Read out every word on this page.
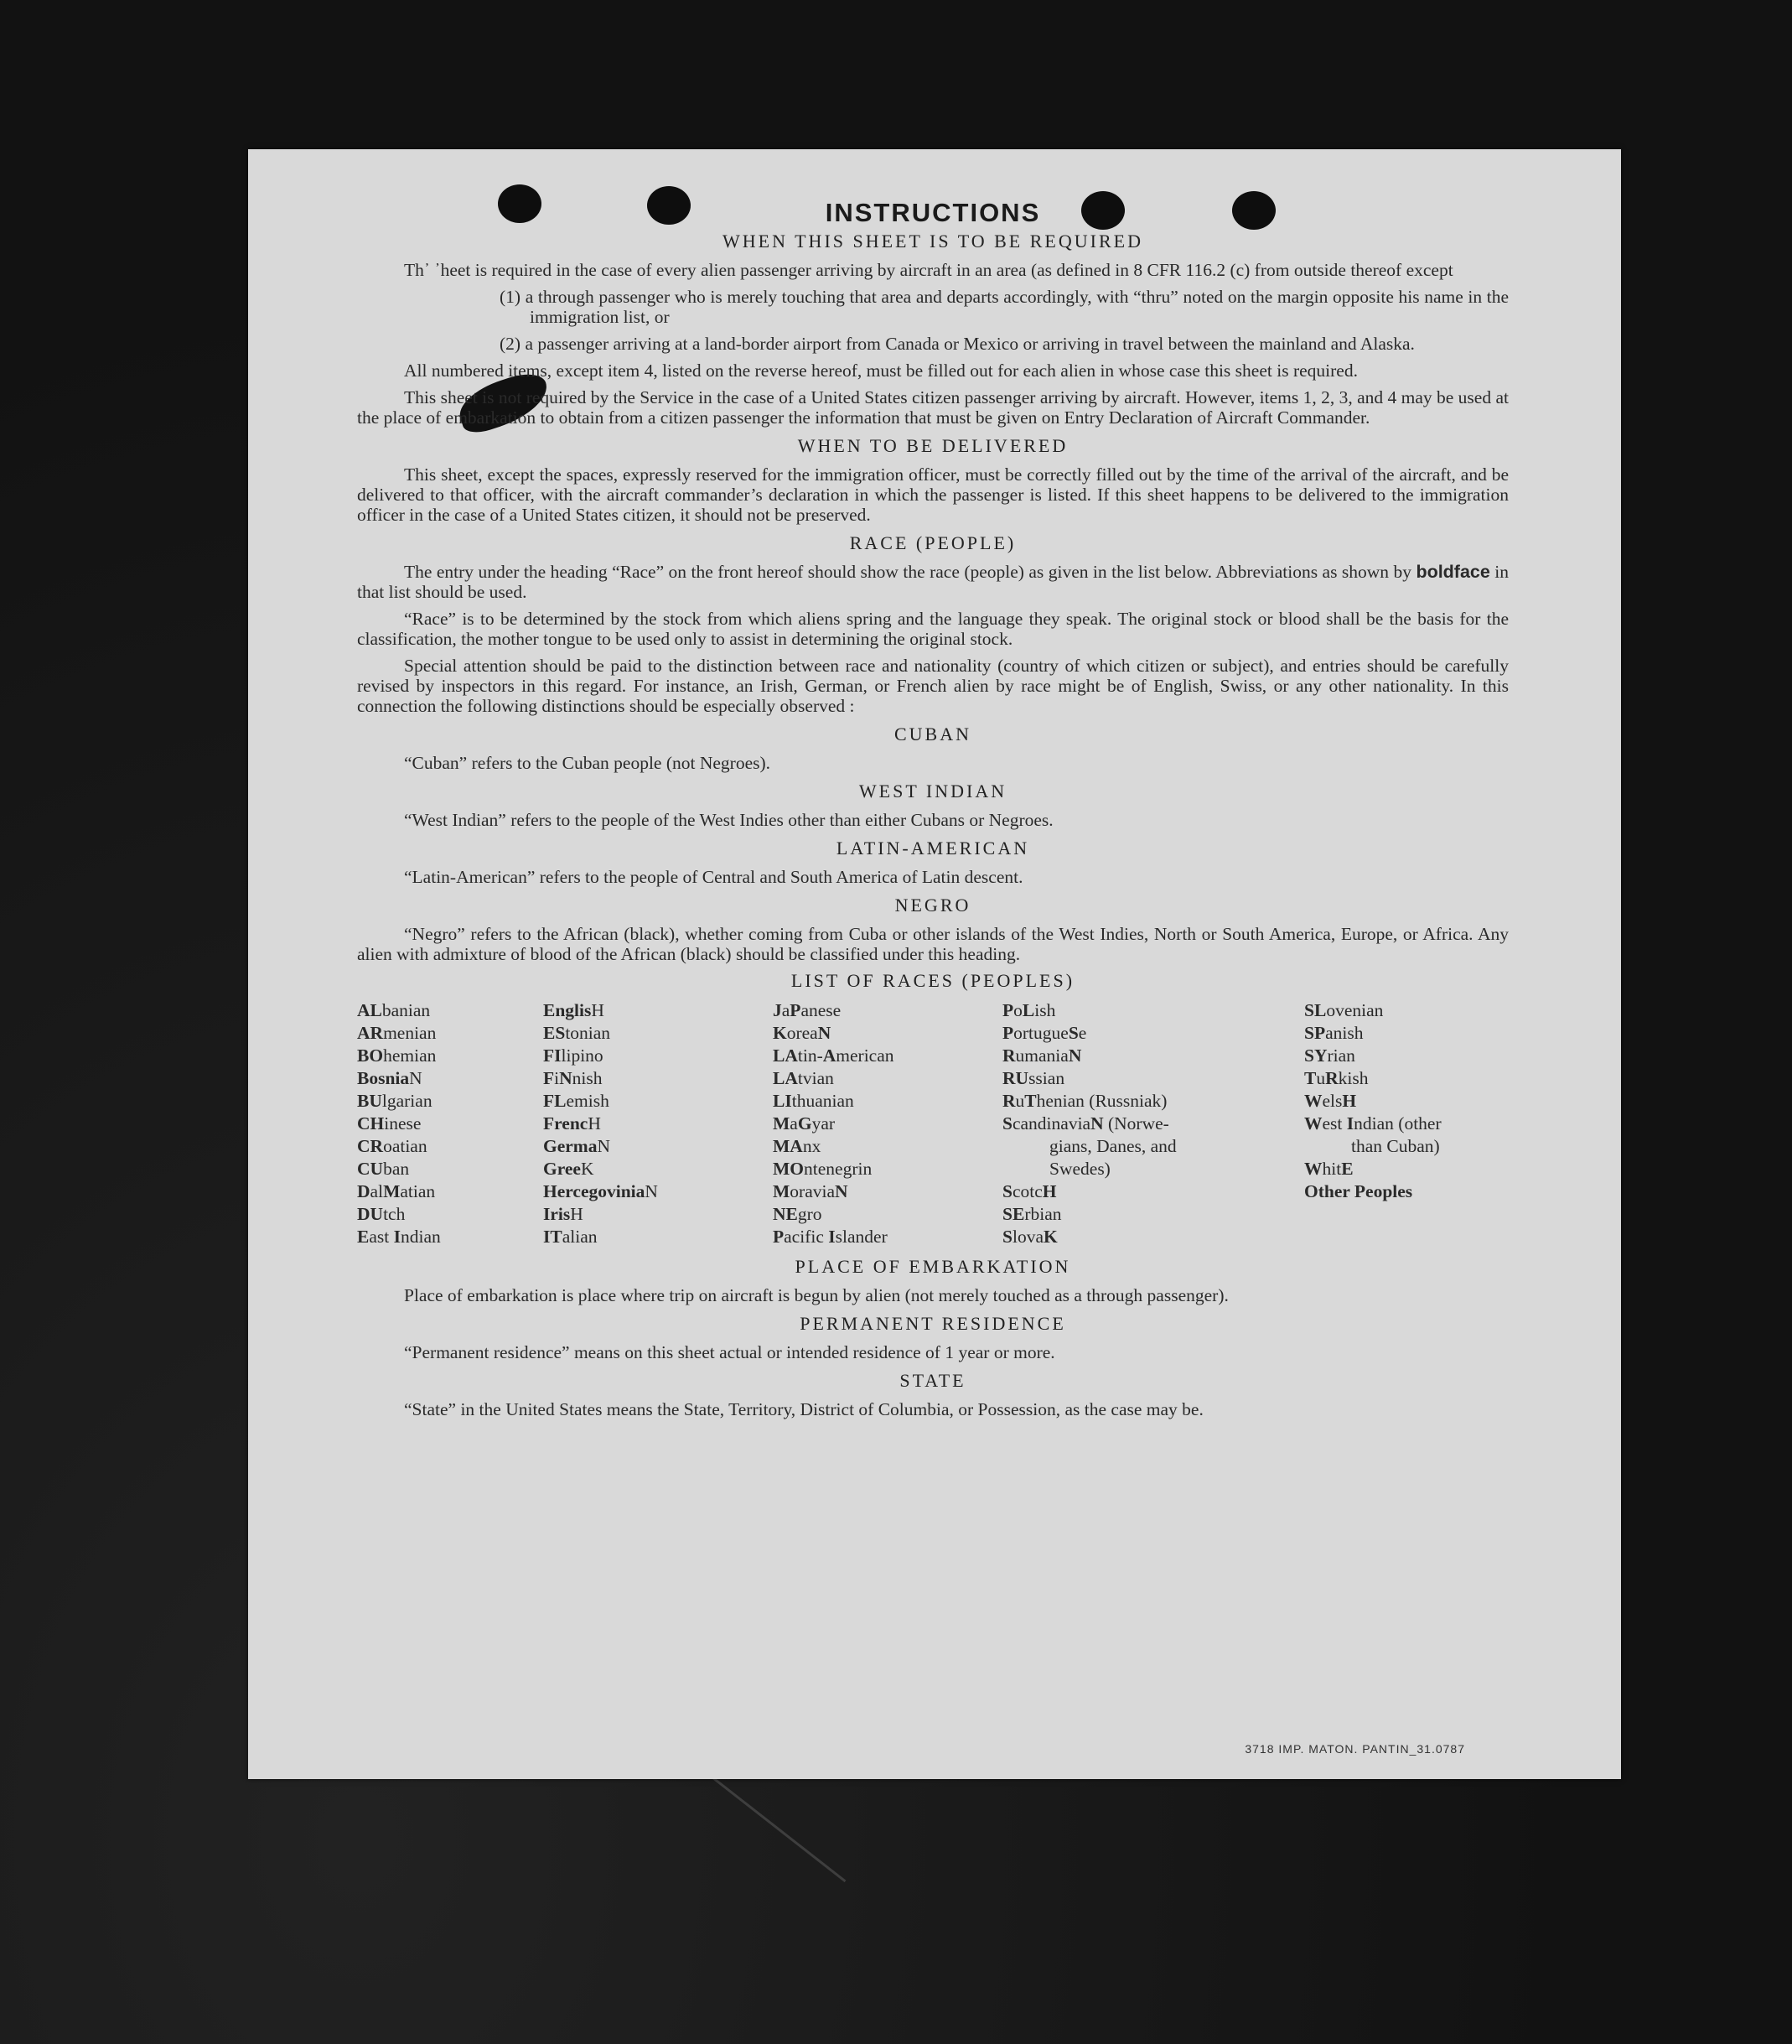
INSTRUCTIONS
WHEN THIS SHEET IS TO BE REQUIRED

Th᾿ ᾿heet is required in the case of every alien passenger arriving by aircraft in an area (as defined in 8 CFR 116.2 (c) from outside thereof except

(1) a through passenger who is merely touching that area and departs accordingly, with “thru” noted on the margin opposite his name in the immigration list, or
(2) a passenger arriving at a land-border airport from Canada or Mexico or arriving in travel between the mainland and Alaska.

All numbered items, except item 4, listed on the reverse hereof, must be filled out for each alien in whose case this sheet is required.

This sheet is not required by the Service in the case of a United States citizen passenger arriving by aircraft. However, items 1, 2, 3, and 4 may be used at the place of embarkation to obtain from a citizen passenger the information that must be given on Entry Declaration of Aircraft Commander.

WHEN TO BE DELIVERED

This sheet, except the spaces, expressly reserved for the immigration officer, must be correctly filled out by the time of the arrival of the aircraft, and be delivered to that officer, with the aircraft commander’s declaration in which the passenger is listed. If this sheet happens to be delivered to the immigration officer in the case of a United States citizen, it should not be preserved.

RACE (PEOPLE)

The entry under the heading “Race” on the front hereof should show the race (people) as given in the list below. Abbreviations as shown by boldface in that list should be used.

“Race” is to be determined by the stock from which aliens spring and the language they speak. The original stock or blood shall be the basis for the classification, the mother tongue to be used only to assist in determining the original stock.

Special attention should be paid to the distinction between race and nationality (country of which citizen or subject), and entries should be carefully revised by inspectors in this regard. For instance, an Irish, German, or French alien by race might be of English, Swiss, or any other nationality. In this connection the following distinctions should be especially observed :

CUBAN

“Cuban” refers to the Cuban people (not Negroes).

WEST INDIAN

“West Indian” refers to the people of the West Indies other than either Cubans or Negroes.

LATIN-AMERICAN

“Latin-American” refers to the people of Central and South America of Latin descent.

NEGRO

“Negro” refers to the African (black), whether coming from Cuba or other islands of the West Indies, North or South America, Europe, or Africa. Any alien with admixture of blood of the African (black) should be classified under this heading.

LIST OF RACES (PEOPLES)
ALbanian
ARmenian
BOhemian
BosniaN
BUlgarian
CHinese
CRoatian
CUban
DalMatian
DUtch
East Indian
EnglisH
EStonian
FIlipino
FiNnish
FLemish
FrencH
GermaN
GreeK
HercegoviniaN
IrisH
ITalian
JaPanese
KoreaN
LAtin-American
LAtvian
LIthuanian
MaGyar
MAnx
MOntenegrin
MoraviaN
NEgro
Pacific Islander
PoLish
PortugueSe
RumaniaN
RUssian
RuThenian (Russniak)
ScandinaviaN (Norwe-
gians, Danes, and
Swedes)
ScotcH
SErbian
SlovaK
SLovenian
SPanish
SYrian
TuRkish
WelsH
West Indian (other
than Cuban)
WhitE
Other Peoples
PLACE OF EMBARKATION

Place of embarkation is place where trip on aircraft is begun by alien (not merely touched as a through passenger).

PERMANENT RESIDENCE

“Permanent residence” means on this sheet actual or intended residence of 1 year or more.

STATE

“State” in the United States means the State, Territory, District of Columbia, or Possession, as the case may be.

3718 IMP. MATON. PANTIN_31.0787
